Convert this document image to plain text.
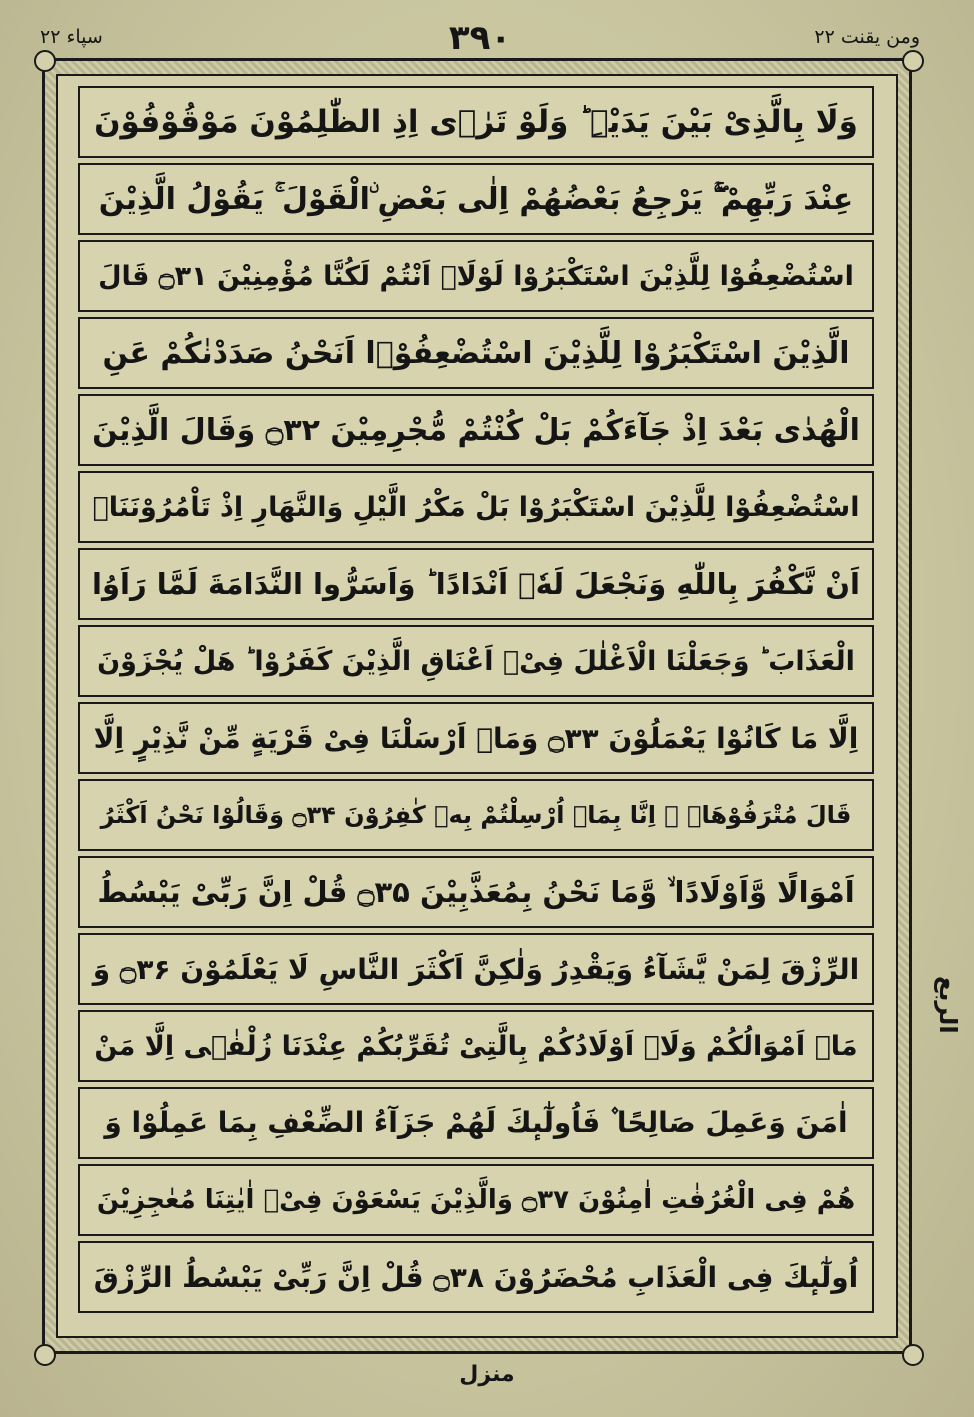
سپاء ۲۲	۳۹۰	ومن یقنت ۲۲
وَلَا بِالَّذِیْ بَیْنَ یَدَیْہِ ؕ وَلَوْ تَرٰۤی اِذِ الظّٰلِمُوْنَ مَوْقُوْفُوْنَ
عِنْدَ رَبِّهِمْ ۚۖ یَرْجِعُ بَعْضُهُمْ اِلٰى بَعْضِ ۨالْقَوْلَ ۚ یَقُوْلُ الَّذِیْنَ
اسْتُضْعِفُوْا لِلَّذِیْنَ اسْتَكْبَرُوْا لَوْلَاۤ اَنْتُمْ لَكُنَّا مُؤْمِنِیْنَ ۝۳۱ قَالَ
الَّذِیْنَ اسْتَكْبَرُوْا لِلَّذِیْنَ اسْتُضْعِفُوْۤا اَنَحْنُ صَدَدْنٰكُمْ عَنِ
الْهُدٰى بَعْدَ اِذْ جَآءَكُمْ بَلْ كُنْتُمْ مُّجْرِمِیْنَ ۝۳۲ وَقَالَ الَّذِیْنَ
اسْتُضْعِفُوْا لِلَّذِیْنَ اسْتَكْبَرُوْا بَلْ مَكْرُ الَّیْلِ وَالنَّهَارِ اِذْ تَاْمُرُوْنَنَاۤ
اَنْ نَّكْفُرَ بِاللّٰهِ وَنَجْعَلَ لَهٗۤ اَنْدَادًا ؕ وَاَسَرُّوا النَّدَامَةَ لَمَّا رَاَوُا
الْعَذَابَ ؕ وَجَعَلْنَا الْاَغْلٰلَ فِیْۤ اَعْنَاقِ الَّذِیْنَ كَفَرُوْا ؕ هَلْ یُجْزَوْنَ
اِلَّا مَا كَانُوْا یَعْمَلُوْنَ ۝۳۳ وَمَاۤ اَرْسَلْنَا فِیْ قَرْیَةٍ مِّنْ نَّذِیْرٍ اِلَّا
قَالَ مُتْرَفُوْهَاۤ ۙ اِنَّا بِمَاۤ اُرْسِلْتُمْ بِهٖ كٰفِرُوْنَ ۝۳۴ وَقَالُوْا نَحْنُ اَكْثَرُ
اَمْوَالًا وَّاَوْلَادًا ۙ وَّمَا نَحْنُ بِمُعَذَّبِیْنَ ۝۳۵ قُلْ اِنَّ رَبِّیْ یَبْسُطُ
الرِّزْقَ لِمَنْ یَّشَآءُ وَیَقْدِرُ وَلٰكِنَّ اَكْثَرَ النَّاسِ لَا یَعْلَمُوْنَ ۝۳۶ وَ
مَاۤ اَمْوَالُكُمْ وَلَاۤ اَوْلَادُكُمْ بِالَّتِیْ تُقَرِّبُكُمْ عِنْدَنَا زُلْفٰۤی اِلَّا مَنْ
اٰمَنَ وَعَمِلَ صَالِحًا ۫ فَاُولٰٓىٕكَ لَهُمْ جَزَآءُ الضِّعْفِ بِمَا عَمِلُوْا وَ
هُمْ فِی الْغُرُفٰتِ اٰمِنُوْنَ ۝۳۷ وَالَّذِیْنَ یَسْعَوْنَ فِیْۤ اٰیٰتِنَا مُعٰجِزِیْنَ
اُولٰٓىٕكَ فِی الْعَذَابِ مُحْضَرُوْنَ ۝۳۸ قُلْ اِنَّ رَبِّیْ یَبْسُطُ الرِّزْقَ
الربع
منزل
